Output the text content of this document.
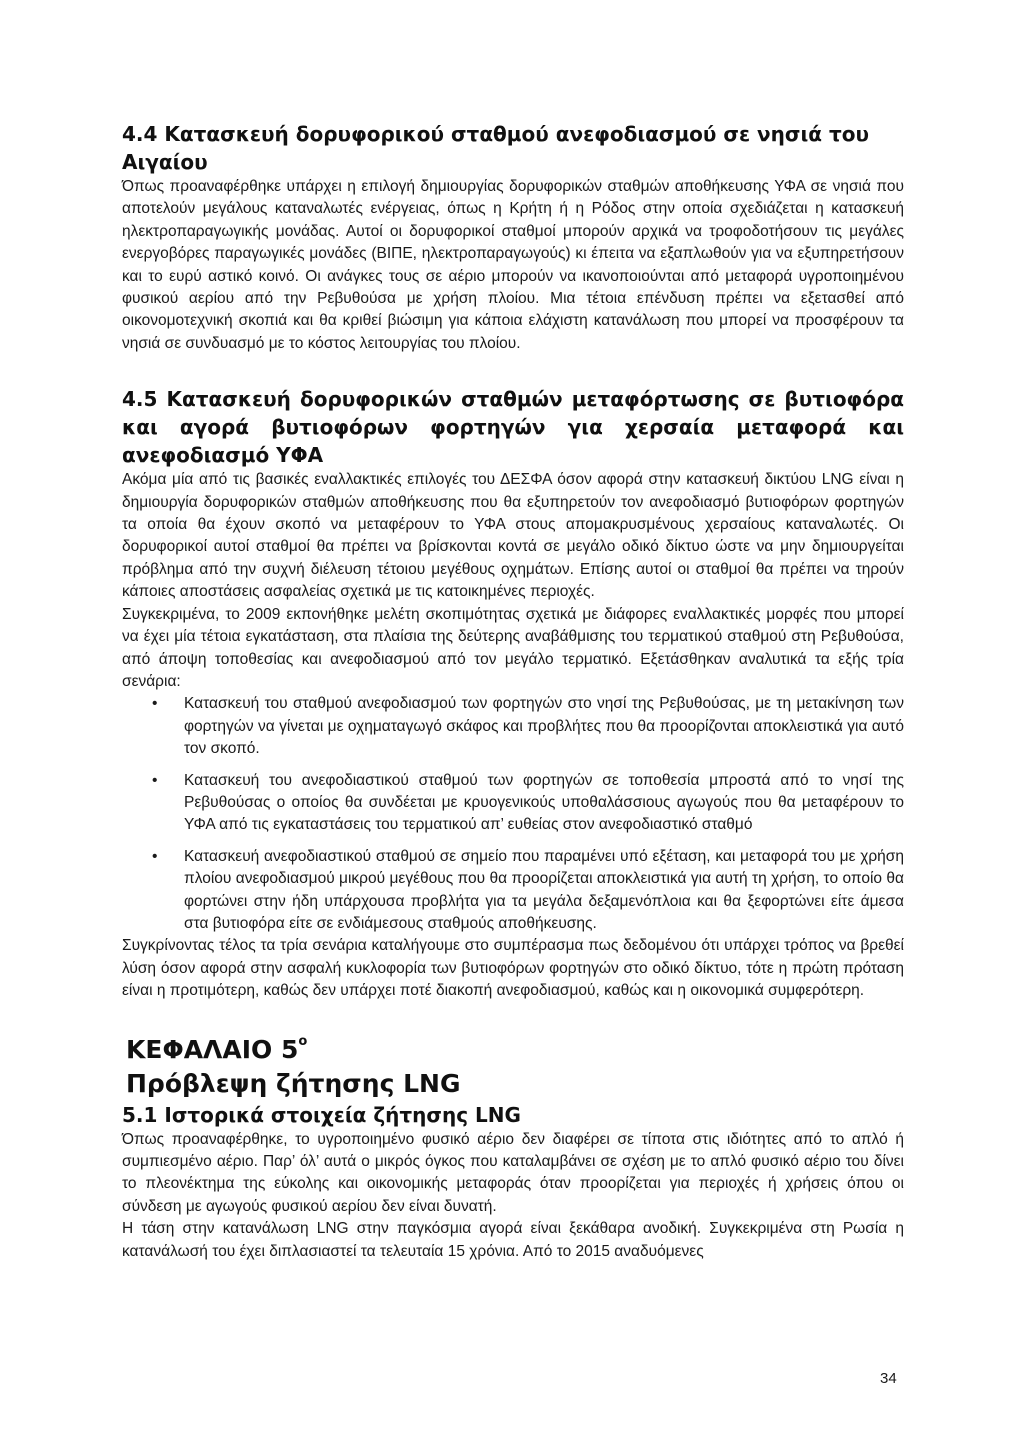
4.4 Κατασκευή δορυφορικού σταθμού ανεφοδιασμού σε νησιά του Αιγαίου

Όπως προαναφέρθηκε υπάρχει η επιλογή δημιουργίας δορυφορικών σταθμών αποθήκευσης ΥΦΑ σε νησιά που αποτελούν μεγάλους καταναλωτές ενέργειας, όπως η Κρήτη ή η Ρόδος στην οποία σχεδιάζεται η κατασκευή ηλεκτροπαραγωγικής μονάδας. Αυτοί οι δορυφορικοί σταθμοί μπορούν αρχικά να τροφοδοτήσουν τις μεγάλες ενεργοβόρες παραγωγικές μονάδες (ΒΙΠΕ, ηλεκτροπαραγωγούς) κι έπειτα να εξαπλωθούν για να εξυπηρετήσουν και το ευρύ αστικό κοινό. Οι ανάγκες τους σε αέριο μπορούν να ικανοποιούνται από μεταφορά υγροποιημένου φυσικού αερίου από την Ρεβυθούσα με χρήση πλοίου. Μια τέτοια επένδυση πρέπει να εξετασθεί από οικονομοτεχνική σκοπιά και θα κριθεί βιώσιμη για κάποια ελάχιστη κατανάλωση που μπορεί να προσφέρουν τα νησιά σε συνδυασμό με το κόστος λειτουργίας του πλοίου.

4.5 Κατασκευή δορυφορικών σταθμών μεταφόρτωσης σε βυτιοφόρα και αγορά βυτιοφόρων φορτηγών για χερσαία μεταφορά και ανεφοδιασμό ΥΦΑ

Ακόμα μία από τις βασικές εναλλακτικές επιλογές του ΔΕΣΦΑ όσον αφορά στην κατασκευή δικτύου LNG είναι η δημιουργία δορυφορικών σταθμών αποθήκευσης που θα εξυπηρετούν τον ανεφοδιασμό βυτιοφόρων φορτηγών τα οποία θα έχουν σκοπό να μεταφέρουν το ΥΦΑ στους απομακρυσμένους χερσαίους καταναλωτές. Οι δορυφορικοί αυτοί σταθμοί θα πρέπει να βρίσκονται κοντά σε μεγάλο οδικό δίκτυο ώστε να μην δημιουργείται πρόβλημα από την συχνή διέλευση τέτοιου μεγέθους οχημάτων. Επίσης αυτοί οι σταθμοί θα πρέπει να τηρούν κάποιες αποστάσεις ασφαλείας σχετικά με τις κατοικημένες περιοχές.

Συγκεκριμένα, το 2009 εκπονήθηκε μελέτη σκοπιμότητας σχετικά με διάφορες εναλλακτικές μορφές που μπορεί να έχει μία τέτοια εγκατάσταση, στα πλαίσια της δεύτερης αναβάθμισης του τερματικού σταθμού στη Ρεβυθούσα, από άποψη τοποθεσίας και ανεφοδιασμού από τον μεγάλο τερματικό. Εξετάσθηκαν αναλυτικά τα εξής τρία σενάρια:

• Κατασκευή του σταθμού ανεφοδιασμού των φορτηγών στο νησί της Ρεβυθούσας, με τη μετακίνηση των φορτηγών να γίνεται με οχηματαγωγό σκάφος και προβλήτες που θα προορίζονται αποκλειστικά για αυτό τον σκοπό.
• Κατασκευή του ανεφοδιαστικού σταθμού των φορτηγών σε τοποθεσία μπροστά από το νησί της Ρεβυθούσας ο οποίος θα συνδέεται με κρυογενικούς υποθαλάσσιους αγωγούς που θα μεταφέρουν το ΥΦΑ από τις εγκαταστάσεις του τερματικού απ’ ευθείας στον ανεφοδιαστικό σταθμό
• Κατασκευή ανεφοδιαστικού σταθμού σε σημείο που παραμένει υπό εξέταση, και μεταφορά του με χρήση πλοίου ανεφοδιασμού μικρού μεγέθους που θα προορίζεται αποκλειστικά για αυτή τη χρήση, το οποίο θα φορτώνει στην ήδη υπάρχουσα προβλήτα για τα μεγάλα δεξαμενόπλοια και θα ξεφορτώνει είτε άμεσα στα βυτιοφόρα είτε σε ενδιάμεσους σταθμούς αποθήκευσης.

Συγκρίνοντας τέλος τα τρία σενάρια καταλήγουμε στο συμπέρασμα πως δεδομένου ότι υπάρχει τρόπος να βρεθεί λύση όσον αφορά στην ασφαλή κυκλοφορία των βυτιοφόρων φορτηγών στο οδικό δίκτυο, τότε η πρώτη πρόταση είναι η προτιμότερη, καθώς δεν υπάρχει ποτέ διακοπή ανεφοδιασμού, καθώς και η οικονομικά συμφερότερη.

ΚΕΦΑΛΑΙΟ $5^o$
Πρόβλεψη ζήτησης LNG
5.1 Ιστορικά στοιχεία ζήτησης LNG

Όπως προαναφέρθηκε, το υγροποιημένο φυσικό αέριο δεν διαφέρει σε τίποτα στις ιδιότητες από το απλό ή συμπιεσμένο αέριο. Παρ’ όλ’ αυτά ο μικρός όγκος που καταλαμβάνει σε σχέση με το απλό φυσικό αέριο του δίνει το πλεονέκτημα της εύκολης και οικονομικής μεταφοράς όταν προορίζεται για περιοχές ή χρήσεις όπου οι σύνδεση με αγωγούς φυσικού αερίου δεν είναι δυνατή.

Η τάση στην κατανάλωση LNG στην παγκόσμια αγορά είναι ξεκάθαρα ανοδική. Συγκεκριμένα στη Ρωσία η κατανάλωσή του έχει διπλασιαστεί τα τελευταία 15 χρόνια. Από το 2015 αναδυόμενες

34
